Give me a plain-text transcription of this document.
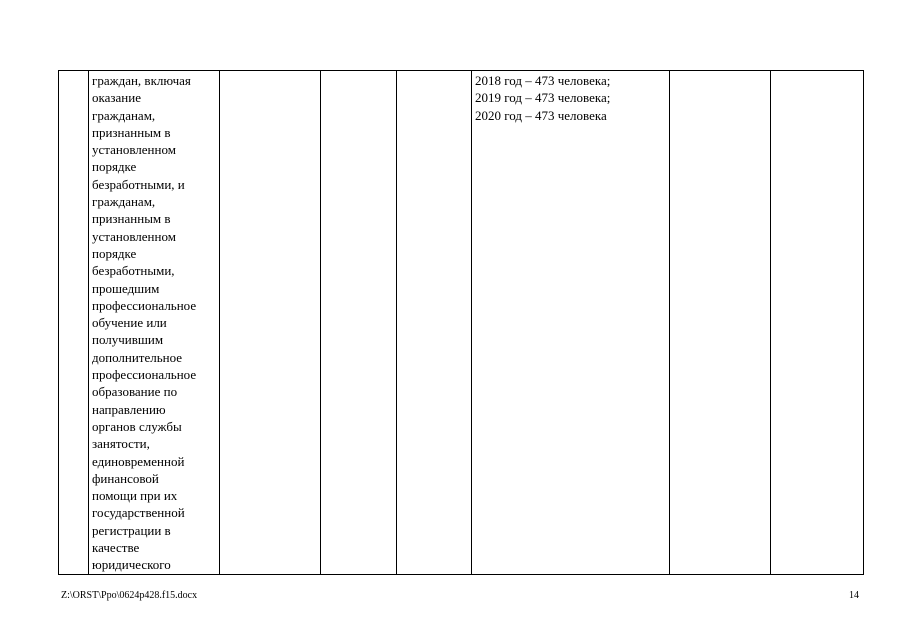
граждан, включая
оказание
гражданам,
признанным в
установленном
порядке
безработными, и
гражданам,
признанным в
установленном
порядке
безработными,
прошедшим
профессиональное
обучение или
получившим
дополнительное
профессиональное
образование по
направлению
органов службы
занятости,
единовременной
финансовой
помощи при их
государственной
регистрации в
качестве
юридического

2018 год – 473 человека;
2019 год – 473 человека;
2020 год – 473 человека

Z:\ORST\Ppo\0624p428.f15.docx	14
